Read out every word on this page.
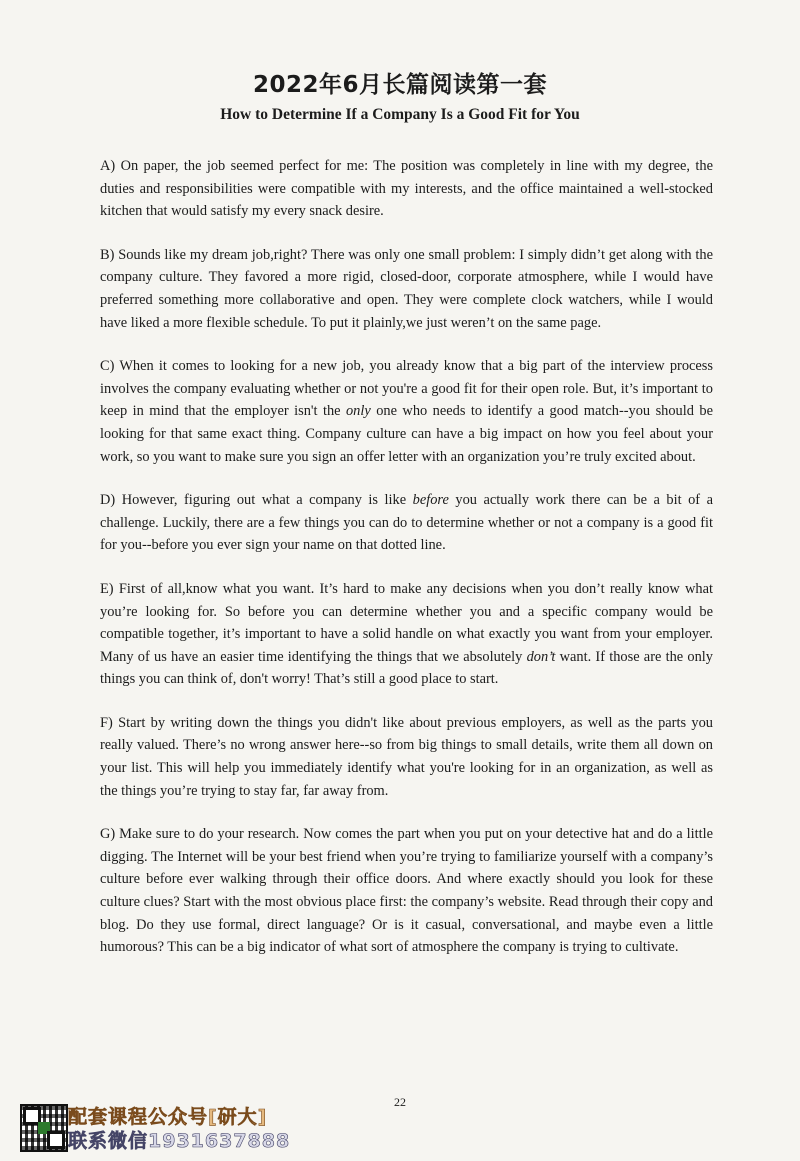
2022年6月长篇阅读第一套
How to Determine If a Company Is a Good Fit for You

A) On paper, the job seemed perfect for me: The position was completely in line with my degree, the duties and responsibilities were compatible with my interests, and the office maintained a well-stocked kitchen that would satisfy my every snack desire.

B) Sounds like my dream job,right? There was only one small problem: I simply didn’t get along with the company culture. They favored a more rigid, closed-door, corporate atmosphere, while I would have preferred something more collaborative and open. They were complete clock watchers, while I would have liked a more flexible schedule. To put it plainly,we just weren’t on the same page.

C) When it comes to looking for a new job, you already know that a big part of the interview process involves the company evaluating whether or not you're a good fit for their open role. But, it’s important to keep in mind that the employer isn't the only one who needs to identify a good match--you should be looking for that same exact thing. Company culture can have a big impact on how you feel about your work, so you want to make sure you sign an offer letter with an organization you’re truly excited about.

D) However, figuring out what a company is like before you actually work there can be a bit of a challenge. Luckily, there are a few things you can do to determine whether or not a company is a good fit for you--before you ever sign your name on that dotted line.

E) First of all,know what you want. It’s hard to make any decisions when you don’t really know what you’re looking for. So before you can determine whether you and a specific company would be compatible together, it’s important to have a solid handle on what exactly you want from your employer. Many of us have an easier time identifying the things that we absolutely don’t want. If those are the only things you can think of, don't worry! That’s still a good place to start.

F) Start by writing down the things you didn't like about previous employers, as well as the parts you really valued. There’s no wrong answer here--so from big things to small details, write them all down on your list. This will help you immediately identify what you're looking for in an organization, as well as the things you’re trying to stay far, far away from.

G) Make sure to do your research. Now comes the part when you put on your detective hat and do a little digging. The Internet will be your best friend when you’re trying to familiarize yourself with a company’s culture before ever walking through their office doors. And where exactly should you look for these culture clues? Start with the most obvious place first: the company’s website. Read through their copy and blog. Do they use formal, direct language? Or is it casual, conversational, and maybe even a little humorous? This can be a big indicator of what sort of atmosphere the company is trying to cultivate.

22
配套课程公众号[研大]
联系微信1931637888
